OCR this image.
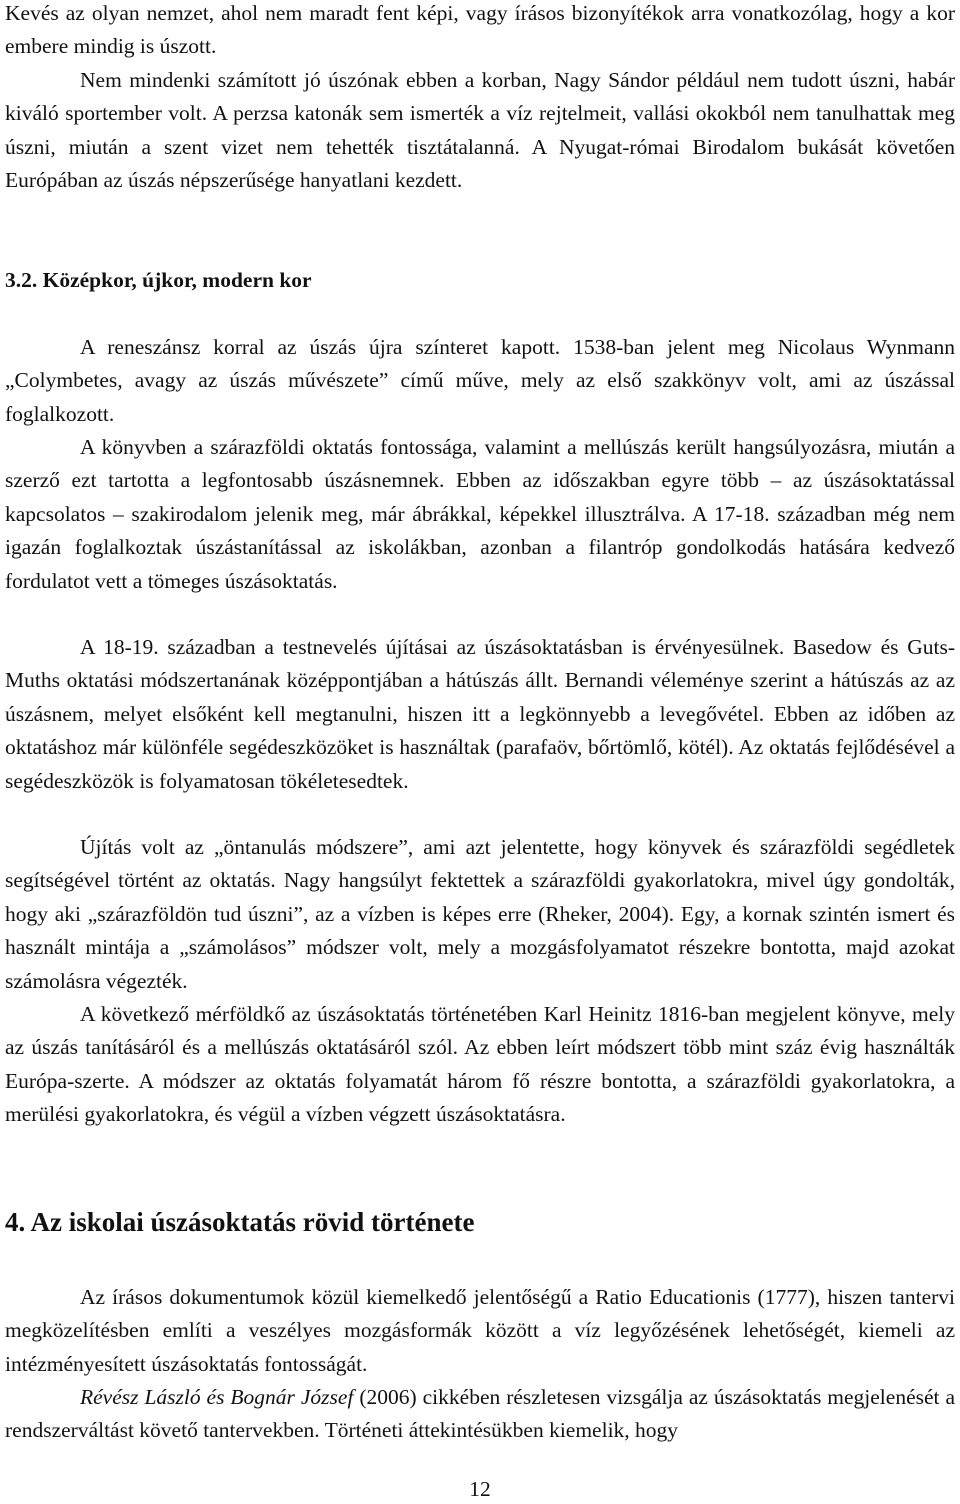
Kevés az olyan nemzet, ahol nem maradt fent képi, vagy írásos bizonyítékok arra vonatkozólag, hogy a kor embere mindig is úszott.

Nem mindenki számított jó úszónak ebben a korban, Nagy Sándor például nem tudott úszni, habár kiváló sportember volt. A perzsa katonák sem ismerték a víz rejtelmeit, vallási okokból nem tanulhattak meg úszni, miután a szent vizet nem tehették tisztátalanná. A Nyugat-római Birodalom bukását követően Európában az úszás népszerűsége hanyatlani kezdett.

3.2. Középkor, újkor, modern kor

A reneszánsz korral az úszás újra színteret kapott. 1538-ban jelent meg Nicolaus Wynmann „Colymbetes, avagy az úszás művészete” című műve, mely az első szakkönyv volt, ami az úszással foglalkozott.

A könyvben a szárazföldi oktatás fontossága, valamint a mellúszás került hangsúlyozásra, miután a szerző ezt tartotta a legfontosabb úszásnemnek. Ebben az időszakban egyre több – az úszásoktatással kapcsolatos – szakirodalom jelenik meg, már ábrákkal, képekkel illusztrálva. A 17-18. században még nem igazán foglalkoztak úszástanítással az iskolákban, azonban a filantróp gondolkodás hatására kedvező fordulatot vett a tömeges úszásoktatás.

A 18-19. században a testnevelés újításai az úszásoktatásban is érvényesülnek. Basedow és Guts-Muths oktatási módszertanának középpontjában a hátúszás állt. Bernandi véleménye szerint a hátúszás az az úszásnem, melyet elsőként kell megtanulni, hiszen itt a legkönnyebb a levegővétel. Ebben az időben az oktatáshoz már különféle segédeszközöket is használtak (parafaöv, bőrtömlő, kötél). Az oktatás fejlődésével a segédeszközök is folyamatosan tökéletesedtek.

Újítás volt az „öntanulás módszere”, ami azt jelentette, hogy könyvek és szárazföldi segédletek segítségével történt az oktatás. Nagy hangsúlyt fektettek a szárazföldi gyakorlatokra, mivel úgy gondolták, hogy aki „szárazföldön tud úszni”, az a vízben is képes erre (Rheker, 2004). Egy, a kornak szintén ismert és használt mintája a „számolásos” módszer volt, mely a mozgásfolyamatot részekre bontotta, majd azokat számolásra végezték.

A következő mérföldkő az úszásoktatás történetében Karl Heinitz 1816-ban megjelent könyve, mely az úszás tanításáról és a mellúszás oktatásáról szól. Az ebben leírt módszert több mint száz évig használták Európa-szerte. A módszer az oktatás folyamatát három fő részre bontotta, a szárazföldi gyakorlatokra, a merülési gyakorlatokra, és végül a vízben végzett úszásoktatásra.

4. Az iskolai úszásoktatás rövid története

Az írásos dokumentumok közül kiemelkedő jelentőségű a Ratio Educationis (1777), hiszen tantervi megközelítésben említi a veszélyes mozgásformák között a víz legyőzésének lehetőségét, kiemeli az intézményesített úszásoktatás fontosságát.

Révész László és Bognár József (2006) cikkében részletesen vizsgálja az úszásoktatás megjelenését a rendszerváltást követő tantervekben. Történeti áttekintésükben kiemelik, hogy

12
